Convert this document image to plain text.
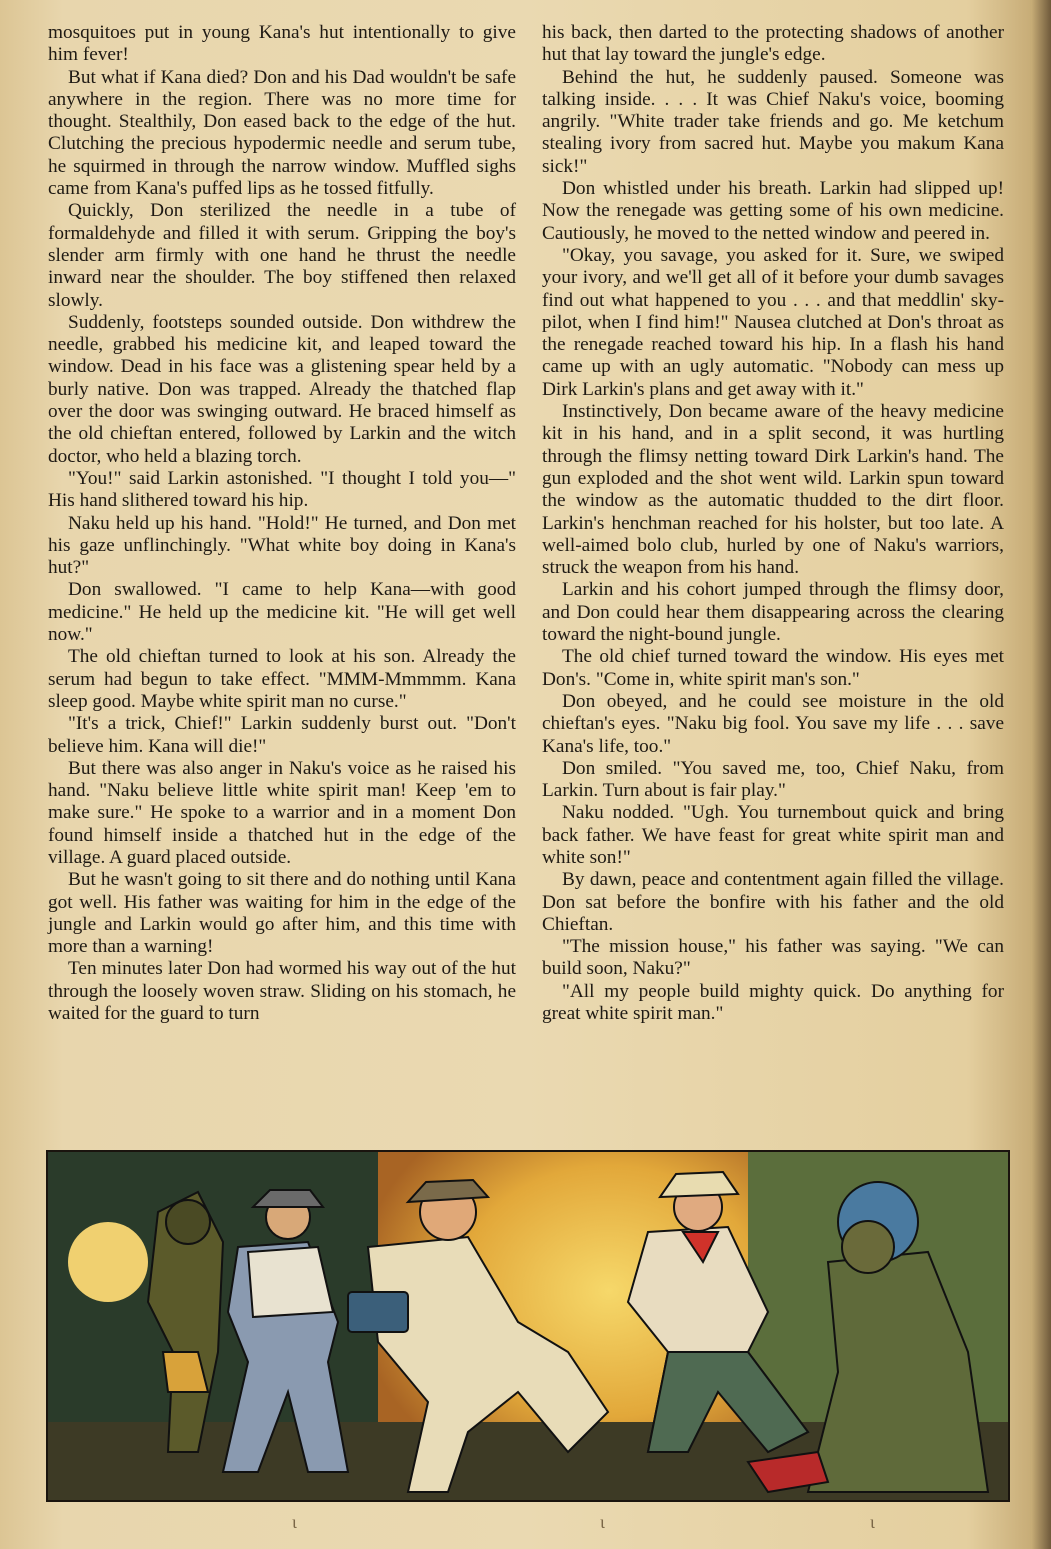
mosquitoes put in young Kana's hut intentionally to give him fever!

But what if Kana died? Don and his Dad wouldn't be safe anywhere in the region. There was no more time for thought. Stealthily, Don eased back to the edge of the hut. Clutching the precious hypodermic needle and serum tube, he squirmed in through the narrow window. Muffled sighs came from Kana's puffed lips as he tossed fitfully.

Quickly, Don sterilized the needle in a tube of formaldehyde and filled it with serum. Gripping the boy's slender arm firmly with one hand he thrust the needle inward near the shoulder. The boy stiffened then relaxed slowly.

Suddenly, footsteps sounded outside. Don withdrew the needle, grabbed his medicine kit, and leaped toward the window. Dead in his face was a glistening spear held by a burly native. Don was trapped. Already the thatched flap over the door was swinging outward. He braced himself as the old chieftan entered, followed by Larkin and the witch doctor, who held a blazing torch.

"You!" said Larkin astonished. "I thought I told you—" His hand slithered toward his hip.

Naku held up his hand. "Hold!" He turned, and Don met his gaze unflinchingly. "What white boy doing in Kana's hut?"

Don swallowed. "I came to help Kana—with good medicine." He held up the medicine kit. "He will get well now."

The old chieftan turned to look at his son. Already the serum had begun to take effect. "MMM-Mmmmm. Kana sleep good. Maybe white spirit man no curse."

"It's a trick, Chief!" Larkin suddenly burst out. "Don't believe him. Kana will die!"

But there was also anger in Naku's voice as he raised his hand. "Naku believe little white spirit man! Keep 'em to make sure." He spoke to a warrior and in a moment Don found himself inside a thatched hut in the edge of the village. A guard placed outside.

But he wasn't going to sit there and do nothing until Kana got well. His father was waiting for him in the edge of the jungle and Larkin would go after him, and this time with more than a warning!

Ten minutes later Don had wormed his way out of the hut through the loosely woven straw. Sliding on his stomach, he waited for the guard to turn

his back, then darted to the protecting shadows of another hut that lay toward the jungle's edge.

Behind the hut, he suddenly paused. Someone was talking inside. . . . It was Chief Naku's voice, booming angrily. "White trader take friends and go. Me ketchum stealing ivory from sacred hut. Maybe you makum Kana sick!"

Don whistled under his breath. Larkin had slipped up! Now the renegade was getting some of his own medicine. Cautiously, he moved to the netted window and peered in.

"Okay, you savage, you asked for it. Sure, we swiped your ivory, and we'll get all of it before your dumb savages find out what happened to you . . . and that meddlin' sky-pilot, when I find him!" Nausea clutched at Don's throat as the renegade reached toward his hip. In a flash his hand came up with an ugly automatic. "Nobody can mess up Dirk Larkin's plans and get away with it."

Instinctively, Don became aware of the heavy medicine kit in his hand, and in a split second, it was hurtling through the flimsy netting toward Dirk Larkin's hand. The gun exploded and the shot went wild. Larkin spun toward the window as the automatic thudded to the dirt floor. Larkin's henchman reached for his holster, but too late. A well-aimed bolo club, hurled by one of Naku's warriors, struck the weapon from his hand.

Larkin and his cohort jumped through the flimsy door, and Don could hear them disappearing across the clearing toward the night-bound jungle.

The old chief turned toward the window. His eyes met Don's. "Come in, white spirit man's son."

Don obeyed, and he could see moisture in the old chieftan's eyes. "Naku big fool. You save my life . . . save Kana's life, too."

Don smiled. "You saved me, too, Chief Naku, from Larkin. Turn about is fair play."

Naku nodded. "Ugh. You turnembout quick and bring back father. We have feast for great white spirit man and white son!"

By dawn, peace and contentment again filled the village. Don sat before the bonfire with his father and the old Chieftan.

"The mission house," his father was saying. "We can build soon, Naku?"

"All my people build mighty quick. Do anything for great white spirit man."

ɩ	ɩ	ɩ
